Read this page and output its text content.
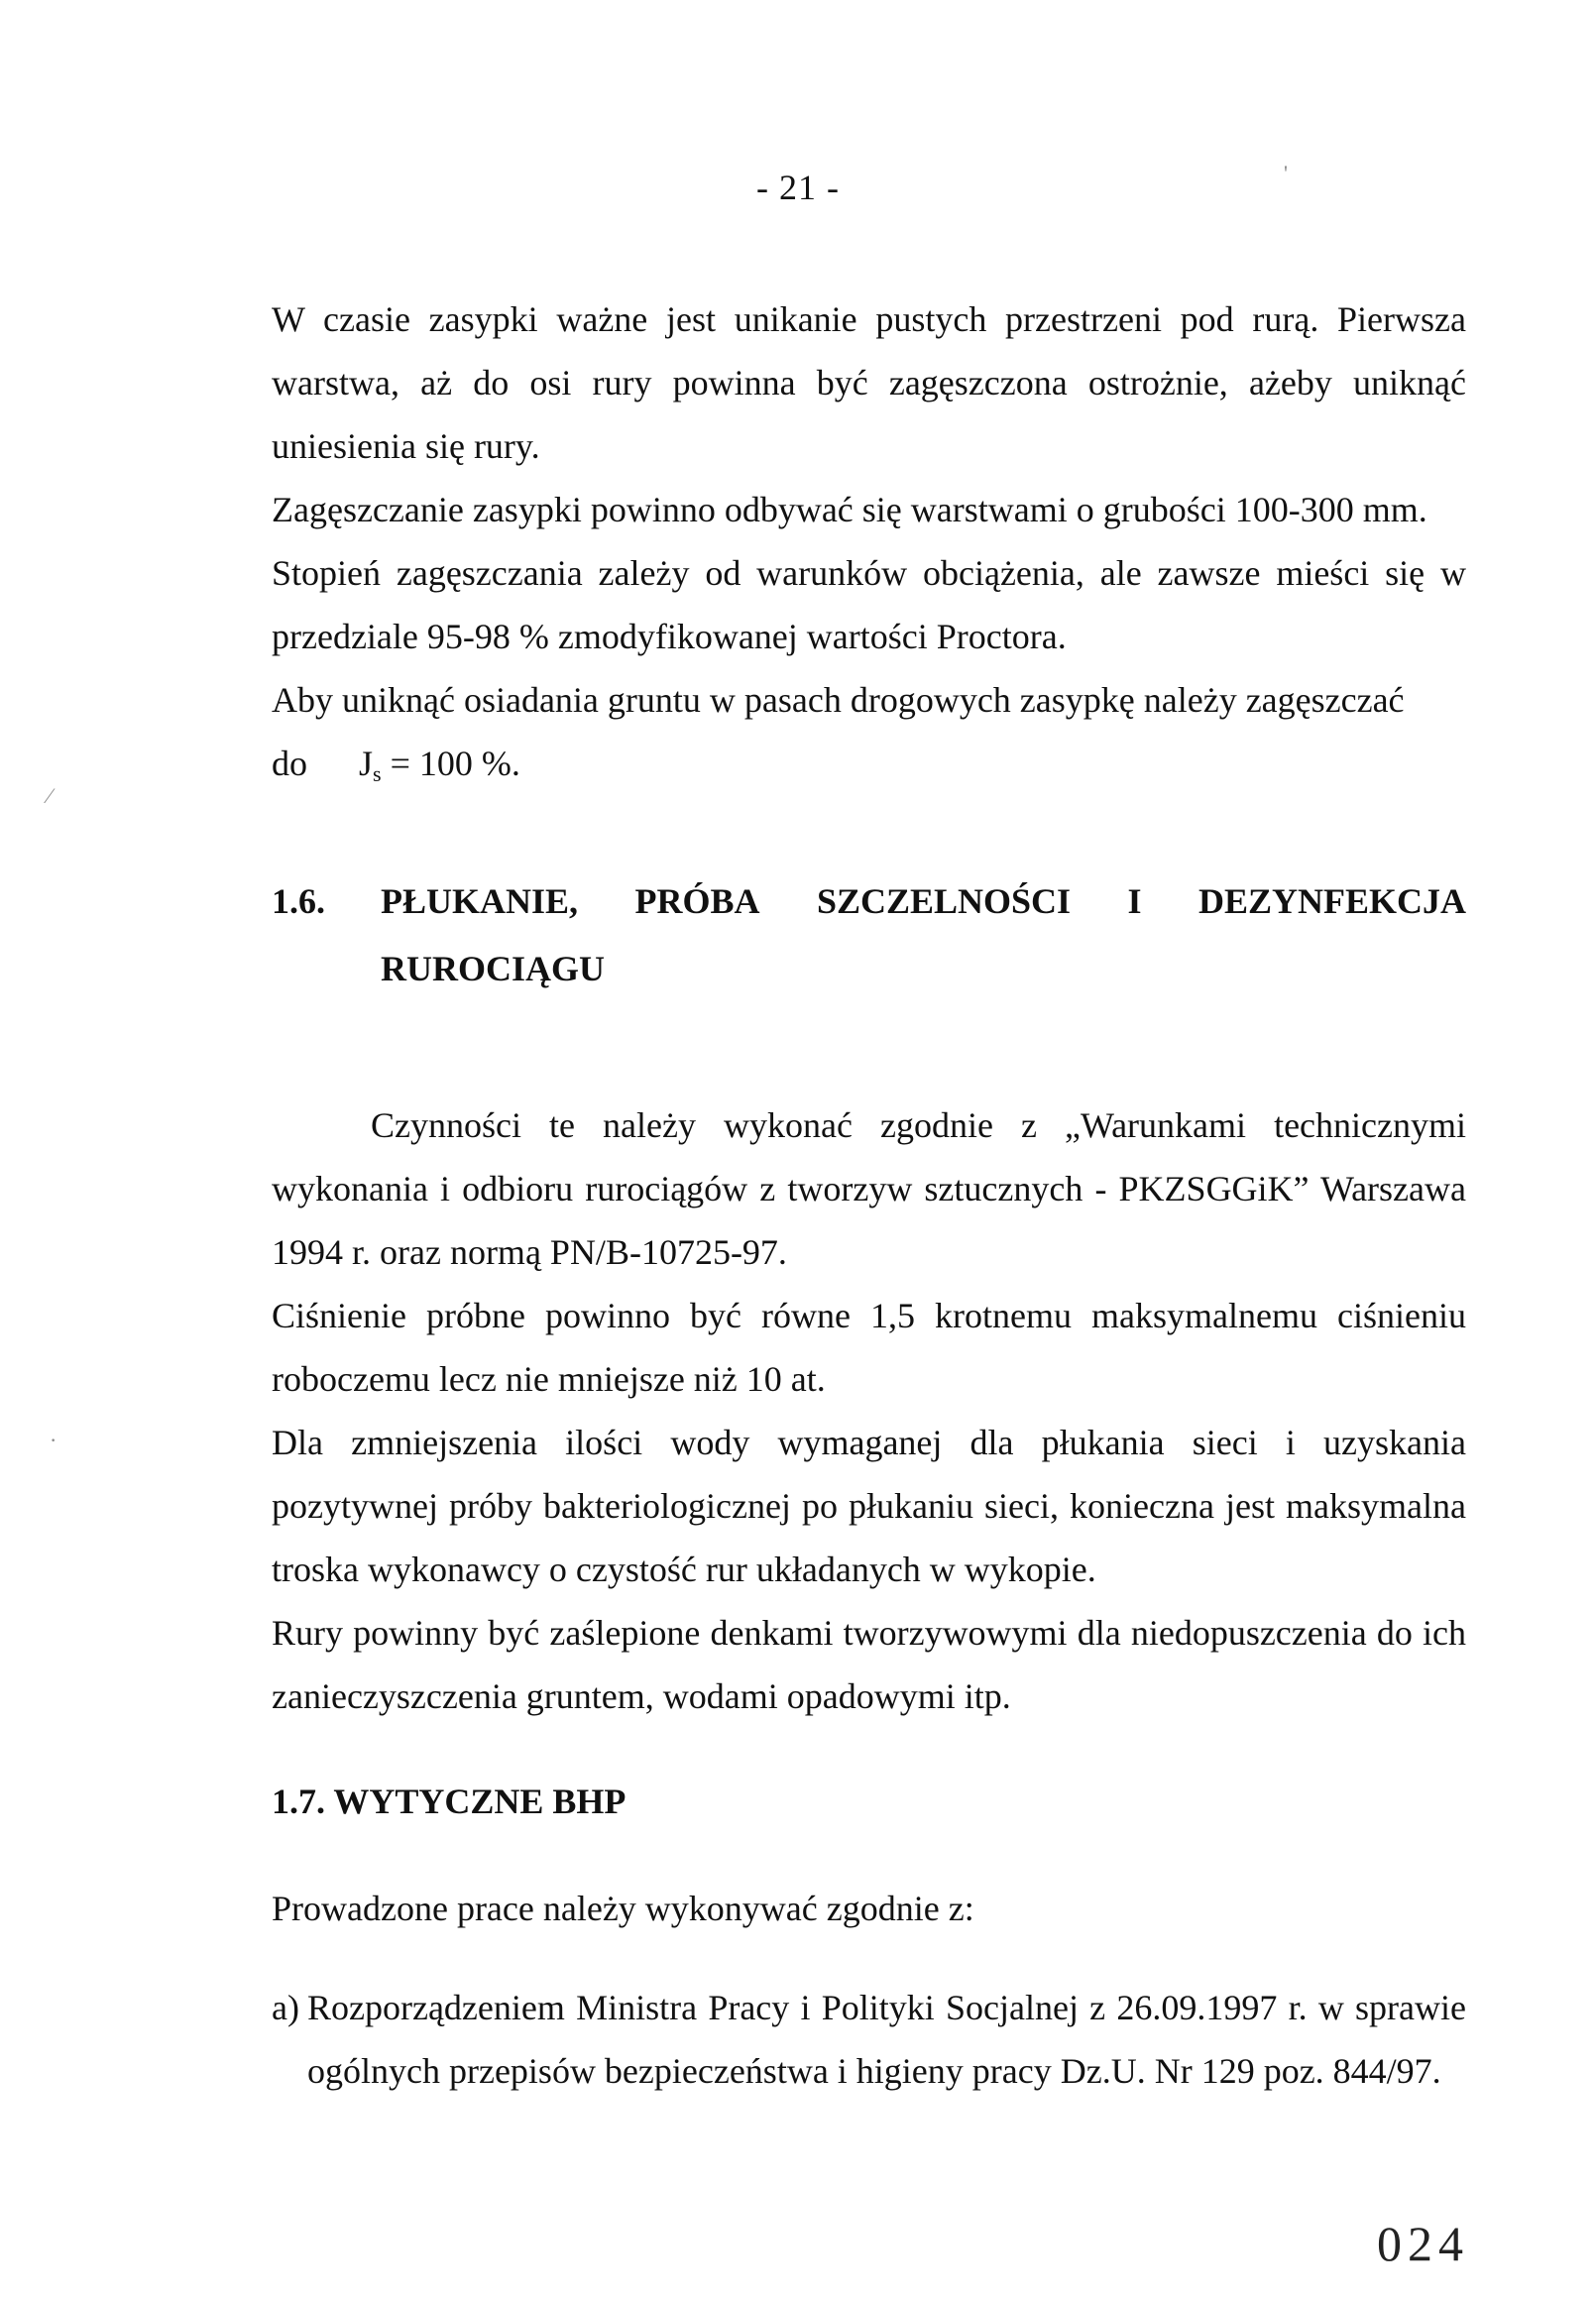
- 21 -

W czasie zasypki ważne jest unikanie pustych przestrzeni pod rurą. Pierwsza warstwa, aż do osi rury powinna być zagęszczona ostrożnie, ażeby uniknąć uniesienia się rury.

Zagęszczanie zasypki powinno odbywać się warstwami o grubości 100-300 mm.

Stopień zagęszczania zależy od warunków obciążenia, ale zawsze mieści się w przedziale 95-98 % zmodyfikowanej wartości Proctora.

Aby uniknąć osiadania gruntu w pasach drogowych zasypkę należy zagęszczać

do Js = 100 %.

1.6.	PŁUKANIE, PRÓBA SZCZELNOŚCI I DEZYNFEKCJA
RUROCIĄGU

Czynności te należy wykonać zgodnie z „Warunkami technicznymi wykonania i odbioru rurociągów z tworzyw sztucznych - PKZSGGiK” Warszawa 1994 r. oraz normą PN/B-10725-97.

Ciśnienie próbne powinno być równe 1,5 krotnemu maksymalnemu ciśnieniu roboczemu lecz nie mniejsze niż 10 at.

Dla zmniejszenia ilości wody wymaganej dla płukania sieci i uzyskania pozytywnej próby bakteriologicznej po płukaniu sieci, konieczna jest maksymalna troska wykonawcy o czystość rur układanych w wykopie.

Rury powinny być zaślepione denkami tworzywowymi dla niedopuszczenia do ich zanieczyszczenia gruntem, wodami opadowymi itp.

1.7. WYTYCZNE BHP

Prowadzone prace należy wykonywać zgodnie z:

a) Rozporządzeniem Ministra Pracy i Polityki Socjalnej z 26.09.1997 r. w sprawie ogólnych przepisów bezpieczeństwa i higieny pracy Dz.U. Nr 129 poz. 844/97.
024
⁄
·
'
